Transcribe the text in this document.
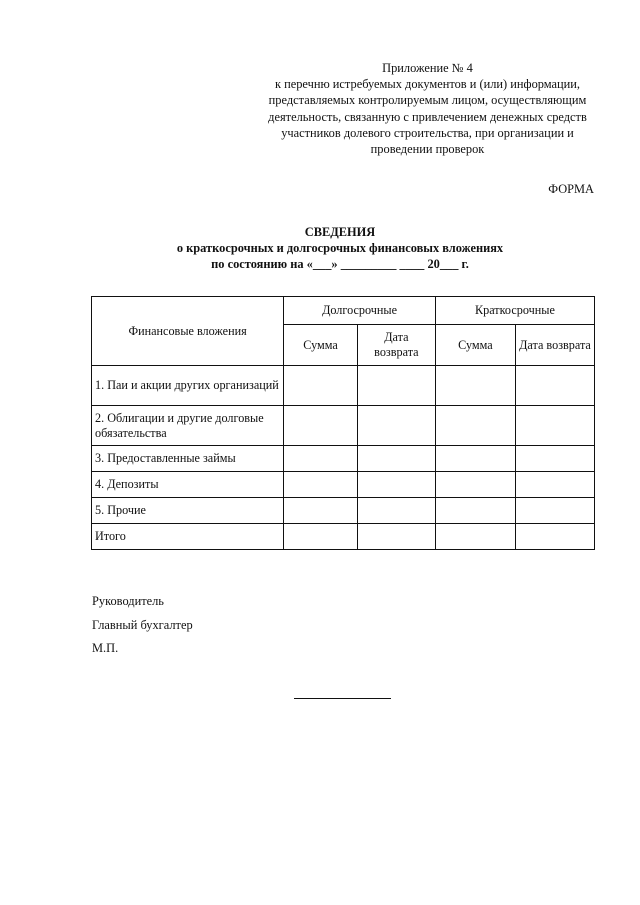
Приложение № 4
к перечню истребуемых документов и (или) информации,
представляемых контролируемым лицом, осуществляющим
деятельность, связанную с привлечением денежных средств
участников долевого строительства, при организации и
проведении проверок
ФОРМА
СВЕДЕНИЯ
о краткосрочных и долгосрочных финансовых вложениях
по состоянию на «___» _________ ____ 20___ г.
Финансовые вложения	Долгосрочные		Краткосрочные	
	Сумма	Дата возврата	Сумма	Дата возврата
1. Паи и акции других организаций				
2. Облигации и другие долговые обязательства				
3. Предоставленные займы				
4. Депозиты				
5. Прочие				
Итого				
Руководитель
Главный бухгалтер
М.П.
